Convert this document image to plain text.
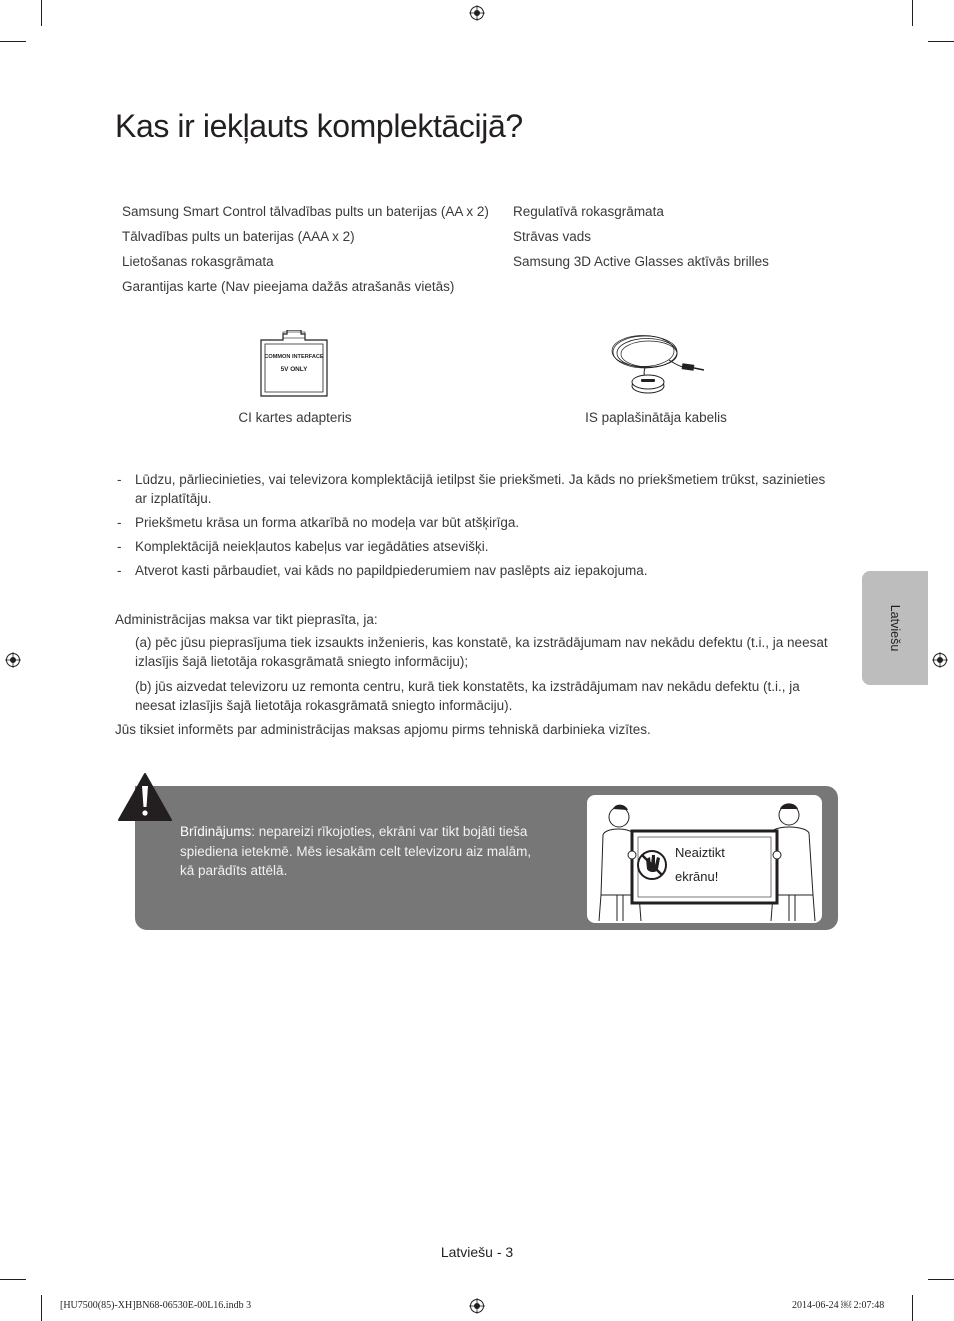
Kas ir iekļauts komplektācijā?
Samsung Smart Control tālvadības pults un baterijas (AA x 2)
Tālvadības pults un baterijas (AAA x 2)
Lietošanas rokasgrāmata
Garantijas karte (Nav pieejama dažās atrašanās vietās)
Regulatīvā rokasgrāmata
Strāvas vads
Samsung 3D Active Glasses aktīvās brilles
COMMON INTERFACE
5V ONLY
CI kartes adapteris	IS paplašinātāja kabelis
- Lūdzu, pārliecinieties, vai televizora komplektācijā ietilpst šie priekšmeti. Ja kāds no priekšmetiem trūkst, sazinieties ar izplatītāju.
- Priekšmetu krāsa un forma atkarībā no modeļa var būt atšķirīga.
- Komplektācijā neiekļautos kabeļus var iegādāties atsevišķi.
- Atverot kasti pārbaudiet, vai kāds no papildpiederumiem nav paslēpts aiz iepakojuma.
Administrācijas maksa var tikt pieprasīta, ja:
(a) pēc jūsu pieprasījuma tiek izsaukts inženieris, kas konstatē, ka izstrādājumam nav nekādu defektu (t.i., ja neesat izlasījis šajā lietotāja rokasgrāmatā sniegto informāciju);
(b) jūs aizvedat televizoru uz remonta centru, kurā tiek konstatēts, ka izstrādājumam nav nekādu defektu (t.i., ja neesat izlasījis šajā lietotāja rokasgrāmatā sniegto informāciju).
Jūs tiksiet informēts par administrācijas maksas apjomu pirms tehniskā darbinieka vizītes.
Latviešu
Brīdinājums: nepareizi rīkojoties, ekrāni var tikt bojāti tieša spiediena ietekmē. Mēs iesakām celt televizoru aiz malām, kā parādīts attēlā.
Neaiztikt
ekrānu!
Latviešu - 3
[HU7500(85)-XH]BN68-06530E-00L16.indb 3	2014-06-24 ￼ 2:07:48
